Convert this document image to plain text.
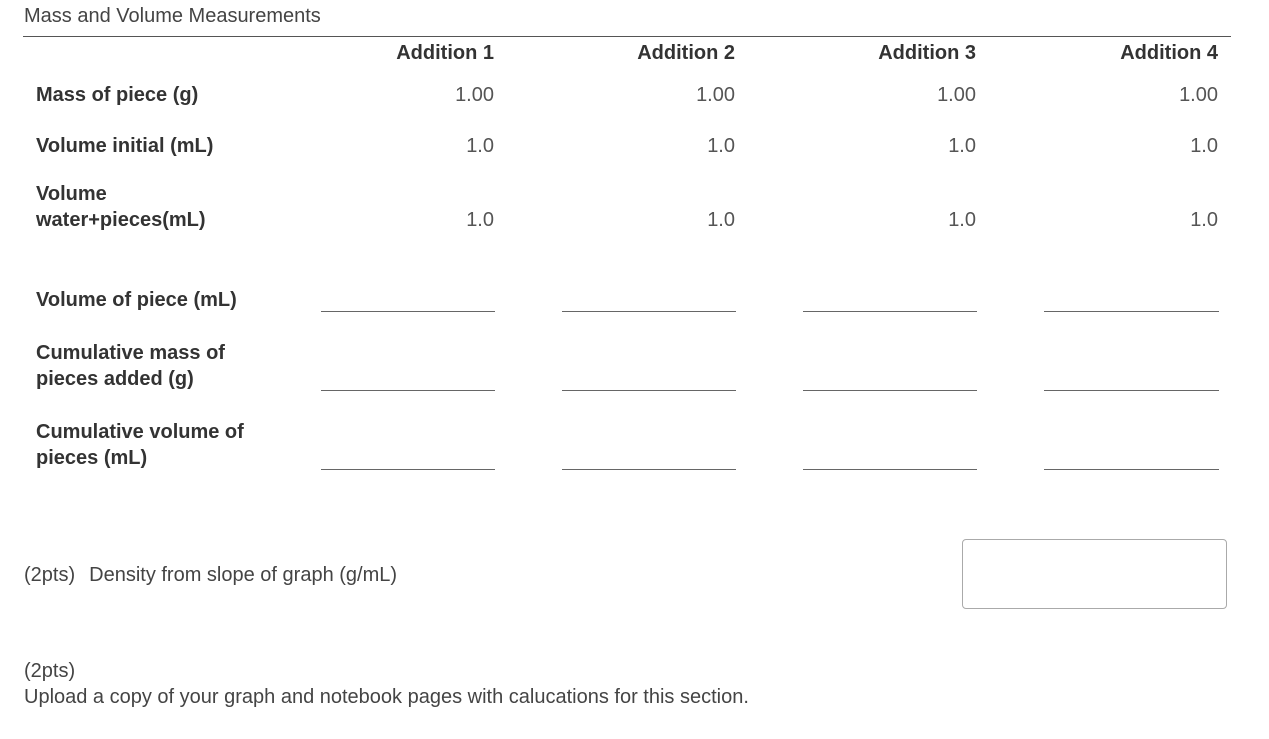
Mass and Volume Measurements
Addition 1	Addition 2	Addition 3	Addition 4
Mass of piece (g)	1.00	1.00	1.00	1.00
Volume initial (mL)	1.0	1.0	1.0	1.0
Volume
water+pieces(mL)	1.0	1.0	1.0	1.0
Volume of piece (mL)
Cumulative mass of
pieces added (g)
Cumulative volume of
pieces (mL)
(2pts) Density from slope of graph (g/mL)
(2pts)
Upload a copy of your graph and notebook pages with calucations for this section.
